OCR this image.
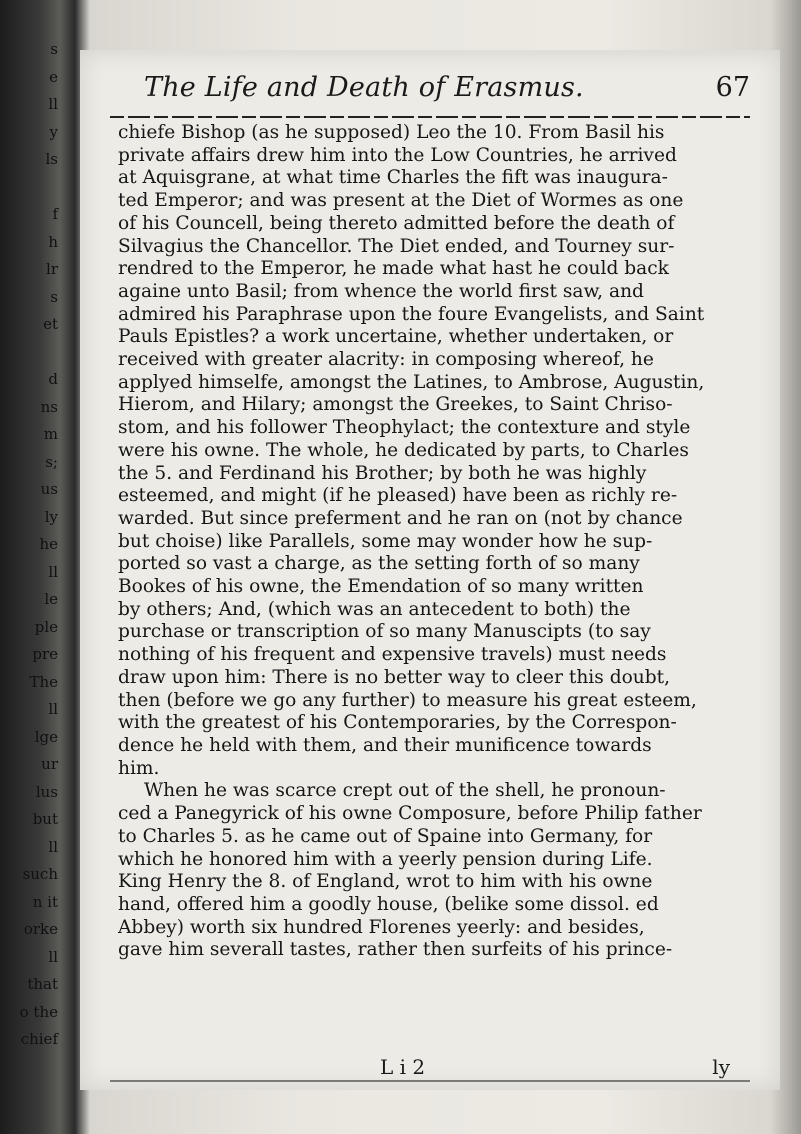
s
e
ll
y
ls
f
h
lr
s
et
d
ns
m
s;
us
ly
he
ll
le
ple
pre
The
ll
lge
ur
lus
but
ll
such
n it
orke
ll
that
o the
chief
The Life and Death of Erasmus.	67
chiefe Bishop (as he supposed) Leo the 10. From Basil his
private affairs drew him into the Low Countries, he arrived
at Aquisgrane, at what time Charles the fift was inaugura-
ted Emperor; and was present at the Diet of Wormes as one
of his Councell, being thereto admitted before the death of
Silvagius the Chancellor. The Diet ended, and Tourney sur-
rendred to the Emperor, he made what hast he could back
againe unto Basil; from whence the world first saw, and
admired his Paraphrase upon the foure Evangelists, and Saint
Pauls Epistles? a work uncertaine, whether undertaken, or
received with greater alacrity: in composing whereof, he
applyed himselfe, amongst the Latines, to Ambrose, Augustin,
Hierom, and Hilary; amongst the Greekes, to Saint Chriso-
stom, and his follower Theophylact; the contexture and style
were his owne. The whole, he dedicated by parts, to Charles
the 5. and Ferdinand his Brother; by both he was highly
esteemed, and might (if he pleased) have been as richly re-
warded. But since preferment and he ran on (not by chance
but choise) like Parallels, some may wonder how he sup-
ported so vast a charge, as the setting forth of so many
Bookes of his owne, the Emendation of so many written
by others; And, (which was an antecedent to both) the
purchase or transcription of so many Manuscipts (to say
nothing of his frequent and expensive travels) must needs
draw upon him: There is no better way to cleer this doubt,
then (before we go any further) to measure his great esteem,
with the greatest of his Contemporaries, by the Correspon-
dence he held with them, and their munificence towards
him.
When he was scarce crept out of the shell, he pronoun-
ced a Panegyrick of his owne Composure, before Philip father
to Charles 5. as he came out of Spaine into Germany, for
which he honored him with a yeerly pension during Life.
King Henry the 8. of England, wrot to him with his owne
hand, offered him a goodly house, (belike some dissol. ed
Abbey) worth six hundred Florenes yeerly: and besides,
gave him severall tastes, rather then surfeits of his prince-
L i 2	ly
